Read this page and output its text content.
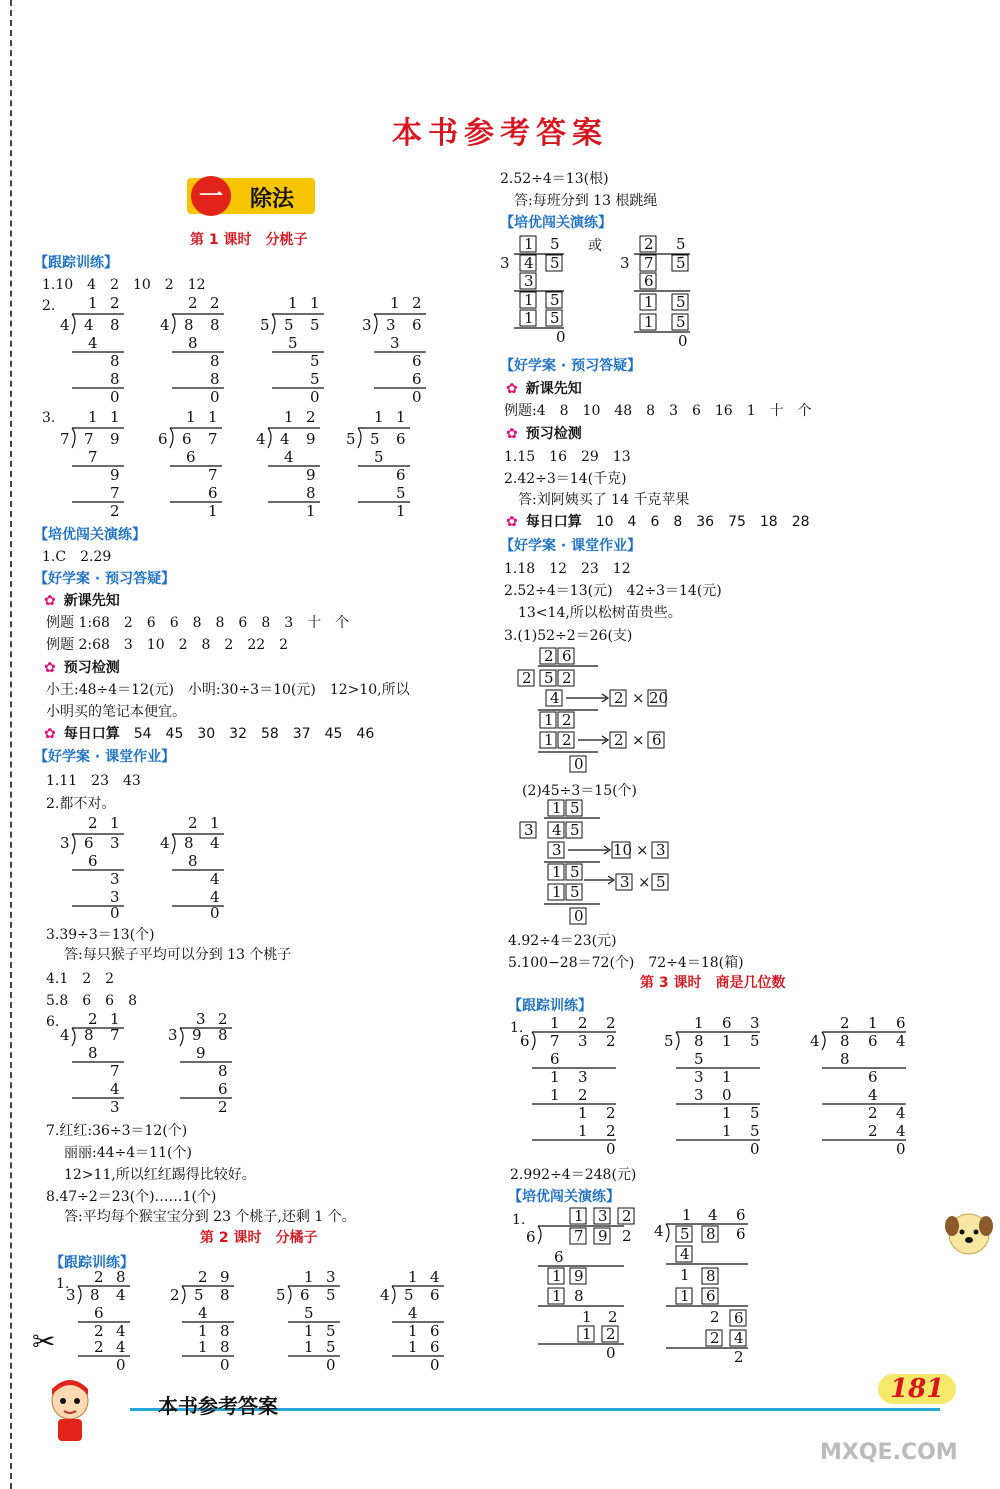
✂
本书参考答案
一	除法
第 1 课时　分桃子
【跟踪训练】
1.10　4　2　10　2　12
2. 1 2
4 4 8
4
8
8
0
2 2
4 8 8
8
8
8
0
1 1
5 5 5
5
5
5
0
1 2
3 3 6
3
6
6
0
3. 1 1
7 7 9
7
9
7
2
1 1
6 6 7
6
7
6
1
1 2
4 4 9
4
9
8
1
1 1
5 5 6
5
6
5
1
【培优闯关演练】
1.C　2.29
【好学案 · 预习答疑】
✿ 新课先知
例题 1:68　2　6　6　8　8　6　8　3　十　个
例题 2:68　3　10　2　8　2　22　2
✿ 预习检测
小王:48÷4＝12(元)　小明:30÷3＝10(元)　12>10,所以
小明买的笔记本便宜。
✿ 每日口算 54　45　30　32　58　37　45　46
【好学案 · 课堂作业】
1.11　23　43
2.都不对。
2 1
3 6 3
6
3
3
0
2 1
4 8 4
8
4
4
0
3.39÷3＝13(个)
答:每只猴子平均可以分到 13 个桃子
4.1　2　2
5.8　6　6　8
6. 2 1
4 8 7
8
7
4
3
3 2
3 9 8
9
8
6
2
7.红红:36÷3＝12(个)
丽丽:44÷4＝11(个)
12>11,所以红红踢得比较好。
8.47÷2＝23(个)……1(个)
答:平均每个猴宝宝分到 23 个桃子,还剩 1 个。
第 2 课时　分橘子
【跟踪训练】
1. 2 8
3 8 4
6
2 4
2 4
0
2 9
2 5 8
4
1 8
1 8
0
1 3
5 6 5
5
1 5
1 5
0
1 4
4 5 6
4
1 6
1 6
0
2.52÷4＝13(根)
答:每班分到 13 根跳绳
【培优闯关演练】
1 5
3 4 5
3
1 5
1 5
0
2 5
3 7 5
6
1 5
1 5
0
或
【好学案 · 预习答疑】
✿ 新课先知
例题:4　8　10　48　8　3　6　16　1　十　个
✿ 预习检测
1.15　16　29　13
2.42÷3＝14(千克)
答:刘阿姨买了 14 千克苹果
✿ 每日口算 10　4　6　8　36　75　18　28
【好学案 · 课堂作业】
1.18　12　23　12
2.52÷4＝13(元)　42÷3＝14(元)
13<14,所以松树苗贵些。
3.(1)52÷2＝26(支)
2 6
2 5 2
4	2 × 20
1 2
1 2	2 × 6
0
(2)45÷3＝15(个)
1 5
3 4 5
3	10 × 3
1 5
1 5
3 × 5
0
4.92÷4＝23(元)
5.100−28＝72(个)　72÷4＝18(箱)
第 3 课时　商是几位数
【跟踪训练】
1. 1 2 2
6 7 3 2
6
1 3
1 2
1 2
1 2
0
1 6 3
5 8 1 5
5
3 1
3 0
1 5
1 5
0
2 1 6
4 8 6 4
8
6
4
2 4
2 4
0
2.992÷4＝248(元)
【培优闯关演练】
1.	1 3 2
6	7 9 2
6
1 9
1 8
1 2
1 2
0
1 4 6
4 5 8 6
4
1 8
1 6
2 6
2 4
2
本书参考答案
181
MXQE.COM
